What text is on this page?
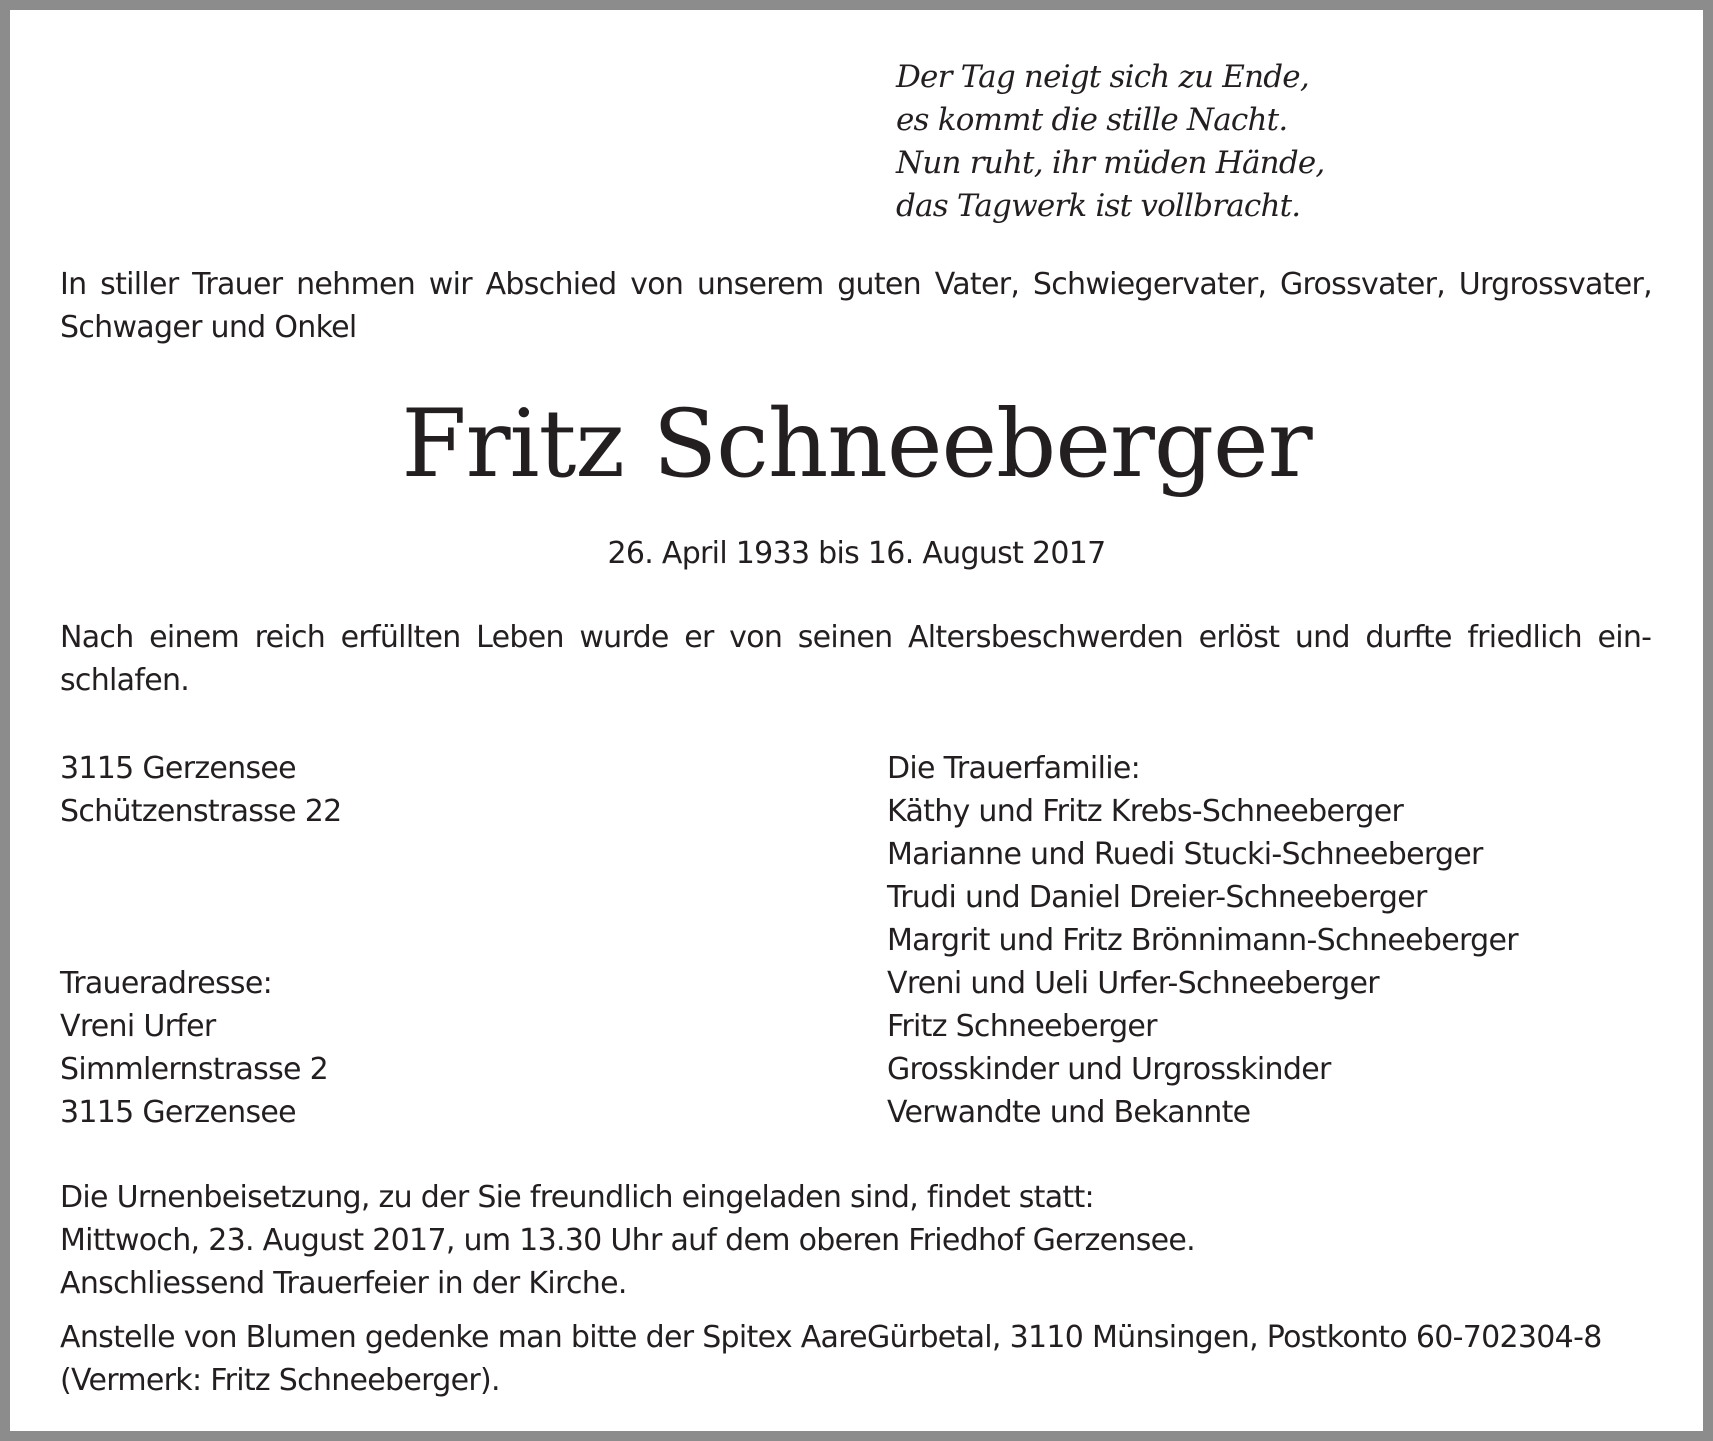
Der Tag neigt sich zu Ende,
es kommt die stille Nacht.
Nun ruht, ihr müden Hände,
das Tagwerk ist vollbracht.
In stiller Trauer nehmen wir Abschied von unserem guten Vater, Schwiegervater, Grossvater, Urgrossvater, Schwager und Onkel
Fritz Schneeberger
26. April 1933 bis 16. August 2017
Nach einem reich erfüllten Leben wurde er von seinen Altersbeschwerden erlöst und durfte friedlich einschlafen.
3115 Gerzensee
Schützenstrasse 22
Traueradresse:
Vreni Urfer
Simmlernstrasse 2
3115 Gerzensee
Die Trauerfamilie:
Käthy und Fritz Krebs-Schneeberger
Marianne und Ruedi Stucki-Schneeberger
Trudi und Daniel Dreier-Schneeberger
Margrit und Fritz Brönnimann-Schneeberger
Vreni und Ueli Urfer-Schneeberger
Fritz Schneeberger
Grosskinder und Urgrosskinder
Verwandte und Bekannte
Die Urnenbeisetzung, zu der Sie freundlich eingeladen sind, findet statt:
Mittwoch, 23. August 2017, um 13.30 Uhr auf dem oberen Friedhof Gerzensee.
Anschliessend Trauerfeier in der Kirche.
Anstelle von Blumen gedenke man bitte der Spitex AareGürbetal, 3110 Münsingen, Postkonto 60-702304-8
(Vermerk: Fritz Schneeberger).
